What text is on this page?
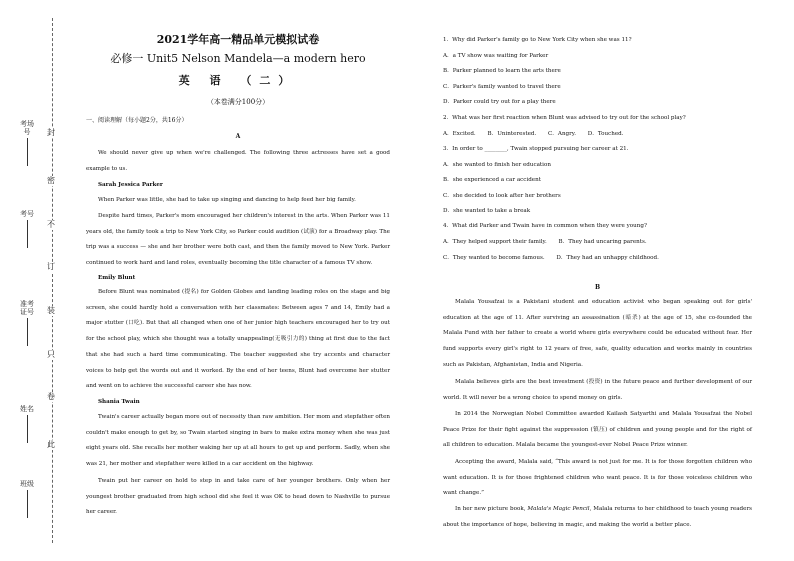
封
密
不
订
装
只
卷
此
考场号
考号
准考证号
姓名
班级
2021学年高一精品单元模拟试卷
必修一 Unit5 Nelson Mandela—a modern hero
英 语 （二）
（本卷满分100分）
一、阅读理解（每小题2分，共16分）
A

We should never give up when we're challenged. The following three actresses have set a good example to us.

Sarah Jessica Parker

When Parker was little, she had to take up singing and dancing to help feed her big family.

Despite hard times, Parker's mom encouraged her children's interest in the arts. When Parker was 11 years old, the family took a trip to New York City, so Parker could audition (试演) for a Broadway play. The trip was a success — she and her brother were both cast, and then the family moved to New York. Parker continued to work hard and land roles, eventually becoming the title character of a famous TV show.

Emily Blunt

Before Blunt was nominated (提名) for Golden Globes and landing leading roles on the stage and big screen, she could hardly hold a conversation with her classmates: Between ages 7 and 14, Emily had a major stutter (口吃). But that all changed when one of her junior high teachers encouraged her to try out for the school play, which she thought was a totally unappealing(无吸引力的) thing at first due to the fact that she had such a hard time communicating. The teacher suggested she try accents and character voices to help get the words out and it worked. By the end of her teens, Blunt had overcome her stutter and went on to achieve the successful career she has now.

Shania Twain

Twain's career actually began more out of necessity than raw ambition. Her mom and stepfather often couldn't make enough to get by, so Twain started singing in bars to make extra money when she was just eight years old. She recalls her mother waking her up at all hours to get up and perform. Sadly, when she was 21, her mother and stepfather were killed in a car accident on the highway.

Twain put her career on hold to step in and take care of her younger brothers. Only when her youngest brother graduated from high school did she feel it was OK to head down to Nashville to pursue her career.

1．Why did Parker's family go to New York City when she was 11?
A．a TV show was waiting for Parker
B．Parker planned to learn the arts there
C．Parker's family wanted to travel there
D．Parker could try out for a play there
2．What was her first reaction when Blunt was advised to try out for the school play?
A．Excited. B．Uninterested. C．Angry. D．Touched.
3．In order to ________, Twain stopped pursuing her career at 21.
A．she wanted to finish her education
B．she experienced a car accident
C．she decided to look after her brothers
D．she wanted to take a break
4．What did Parker and Twain have in common when they were young?
A．They helped support their family. B．They had uncaring parents.
C．They wanted to become famous. D．They had an unhappy childhood.
B

Malala Yousafzai is a Pakistani student and education activist who began speaking out for girls' education at the age of 11. After surviving an assassination (暗杀) at the age of 15, she co-founded the Malala Fund with her father to create a world where girls everywhere could be educated without fear. Her fund supports every girl's right to 12 years of free, safe, quality education and works mainly in countries such as Pakistan, Afghanistan, India and Nigeria.

Malala believes girls are the best investment (投资) in the future peace and further development of our world. It will never be a wrong choice to spend money on girls.

In 2014 the Norwegian Nobel Committee awarded Kailash Satyarthi and Malala Yousafzai the Nobel Peace Prize for their fight against the suppression (镇压) of children and young people and for the right of all children to education. Malala became the youngest-ever Nobel Peace Prize winner.

Accepting the award, Malala said, “This award is not just for me. It is for those forgotten children who want education. It is for those frightened children who want peace. It is for those voiceless children who want change.”

In her new picture book, Malala's Magic Pencil, Malala returns to her childhood to teach young readers about the importance of hope, believing in magic, and making the world a better place.
